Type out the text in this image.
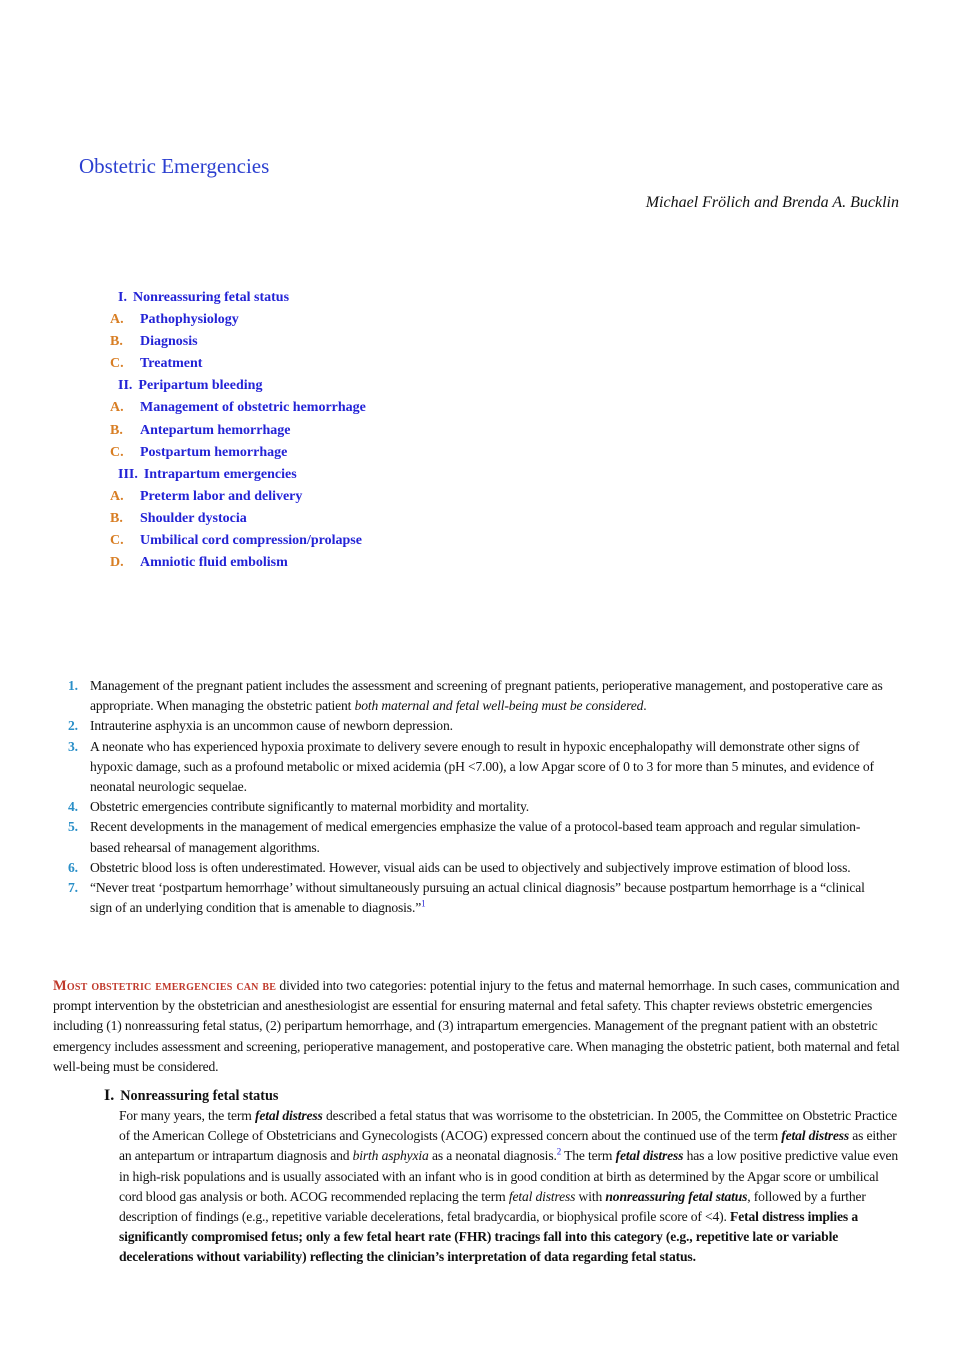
Obstetric Emergencies
Michael Frölich and Brenda A. Bucklin
I. Nonreassuring fetal status
A. Pathophysiology
B. Diagnosis
C. Treatment
II. Peripartum bleeding
A. Management of obstetric hemorrhage
B. Antepartum hemorrhage
C. Postpartum hemorrhage
III. Intrapartum emergencies
A. Preterm labor and delivery
B. Shoulder dystocia
C. Umbilical cord compression/prolapse
D. Amniotic fluid embolism
1. Management of the pregnant patient includes the assessment and screening of pregnant patients, perioperative management, and postoperative care as appropriate. When managing the obstetric patient both maternal and fetal well-being must be considered.
2. Intrauterine asphyxia is an uncommon cause of newborn depression.
3. A neonate who has experienced hypoxia proximate to delivery severe enough to result in hypoxic encephalopathy will demonstrate other signs of hypoxic damage, such as a profound metabolic or mixed acidemia (pH <7.00), a low Apgar score of 0 to 3 for more than 5 minutes, and evidence of neonatal neurologic sequelae.
4. Obstetric emergencies contribute significantly to maternal morbidity and mortality.
5. Recent developments in the management of medical emergencies emphasize the value of a protocol-based team approach and regular simulation-based rehearsal of management algorithms.
6. Obstetric blood loss is often underestimated. However, visual aids can be used to objectively and subjectively improve estimation of blood loss.
7. “Never treat ‘postpartum hemorrhage’ without simultaneously pursuing an actual clinical diagnosis” because postpartum hemorrhage is a “clinical sign of an underlying condition that is amenable to diagnosis.”$^1$

Most obstetric emergencies can be divided into two categories: potential injury to the fetus and maternal hemorrhage. In such cases, communication and prompt intervention by the obstetrician and anesthesiologist are essential for ensuring maternal and fetal safety. This chapter reviews obstetric emergencies including (1) nonreassuring fetal status, (2) peripartum hemorrhage, and (3) intrapartum emergencies. Management of the pregnant patient with an obstetric emergency includes assessment and screening, perioperative management, and postoperative care. When managing the obstetric patient, both maternal and fetal well-being must be considered.

I. Nonreassuring fetal status

For many years, the term fetal distress described a fetal status that was worrisome to the obstetrician. In 2005, the Committee on Obstetric Practice of the American College of Obstetricians and Gynecologists (ACOG) expressed concern about the continued use of the term fetal distress as either an antepartum or intrapartum diagnosis and birth asphyxia as a neonatal diagnosis.$^2$ The term fetal distress has a low positive predictive value even in high-risk populations and is usually associated with an infant who is in good condition at birth as determined by the Apgar score or umbilical cord blood gas analysis or both. ACOG recommended replacing the term fetal distress with nonreassuring fetal status, followed by a further description of findings (e.g., repetitive variable decelerations, fetal bradycardia, or biophysical profile score of <4). Fetal distress implies a significantly compromised fetus; only a few fetal heart rate (FHR) tracings fall into this category (e.g., repetitive late or variable decelerations without variability) reflecting the clinician’s interpretation of data regarding fetal status.
